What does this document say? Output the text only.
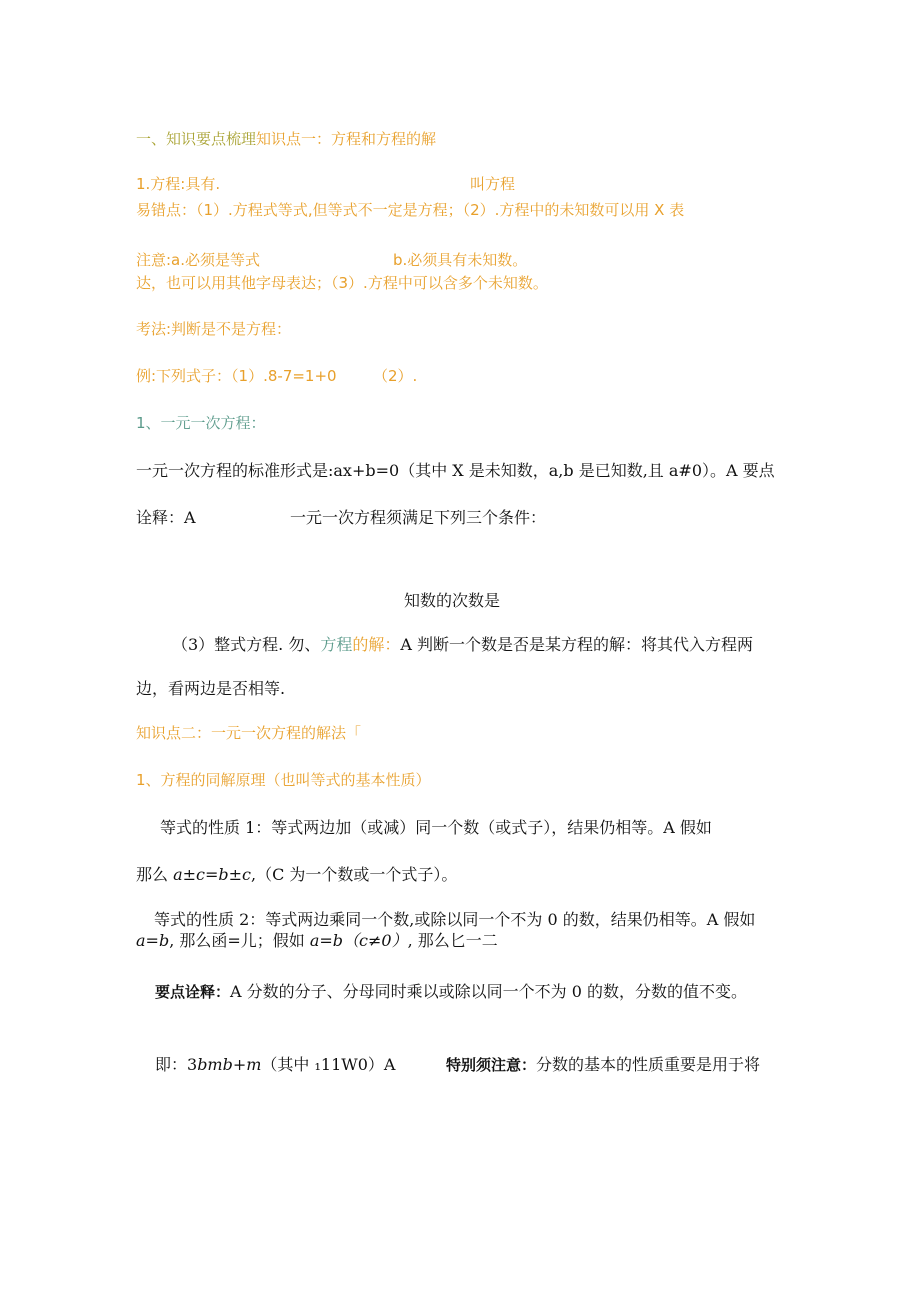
一、知识要点梳理知识点一：方程和方程的解
1.方程:具有.	叫方程
易错点：（1）.方程式等式,但等式不一定是方程；（2）.方程中的未知数可以用 X 表
注意:a.必须是等式	b.必须具有未知数。
达，也可以用其他字母表达；（3）.方程中可以含多个未知数。
考法:判断是不是方程：
例:下列式子：（1）.8-7=1+0 （2）.
1、一元一次方程：
一元一次方程的标准形式是:ax+b=0（其中 X 是未知数，a,b 是已知数,且 a#0）。A 要点
诠释：A	一元一次方程须满足下列三个条件：
知数的次数是
（3）整式方程. 勿、方程的解：A 判断一个数是否是某方程的解：将其代入方程两
边，看两边是否相等.
知识点二：一元一次方程的解法「
1、方程的同解原理（也叫等式的基本性质）
等式的性质 1：等式两边加（或减）同一个数（或式子），结果仍相等。A 假如
那么 a±c=b±c,（C 为一个数或一个式子）。
等式的性质 2：等式两边乘同一个数,或除以同一个不为 0 的数，结果仍相等。A 假如
a=b, 那么函=儿；假如 a=b（c≠0）, 那么匕一二
要点诠释：A 分数的分子、分母同时乘以或除以同一个不为 0 的数，分数的值不变。
即：3bmb+m（其中 ₁11W0）A	特别须注意：分数的基本的性质重要是用于将
